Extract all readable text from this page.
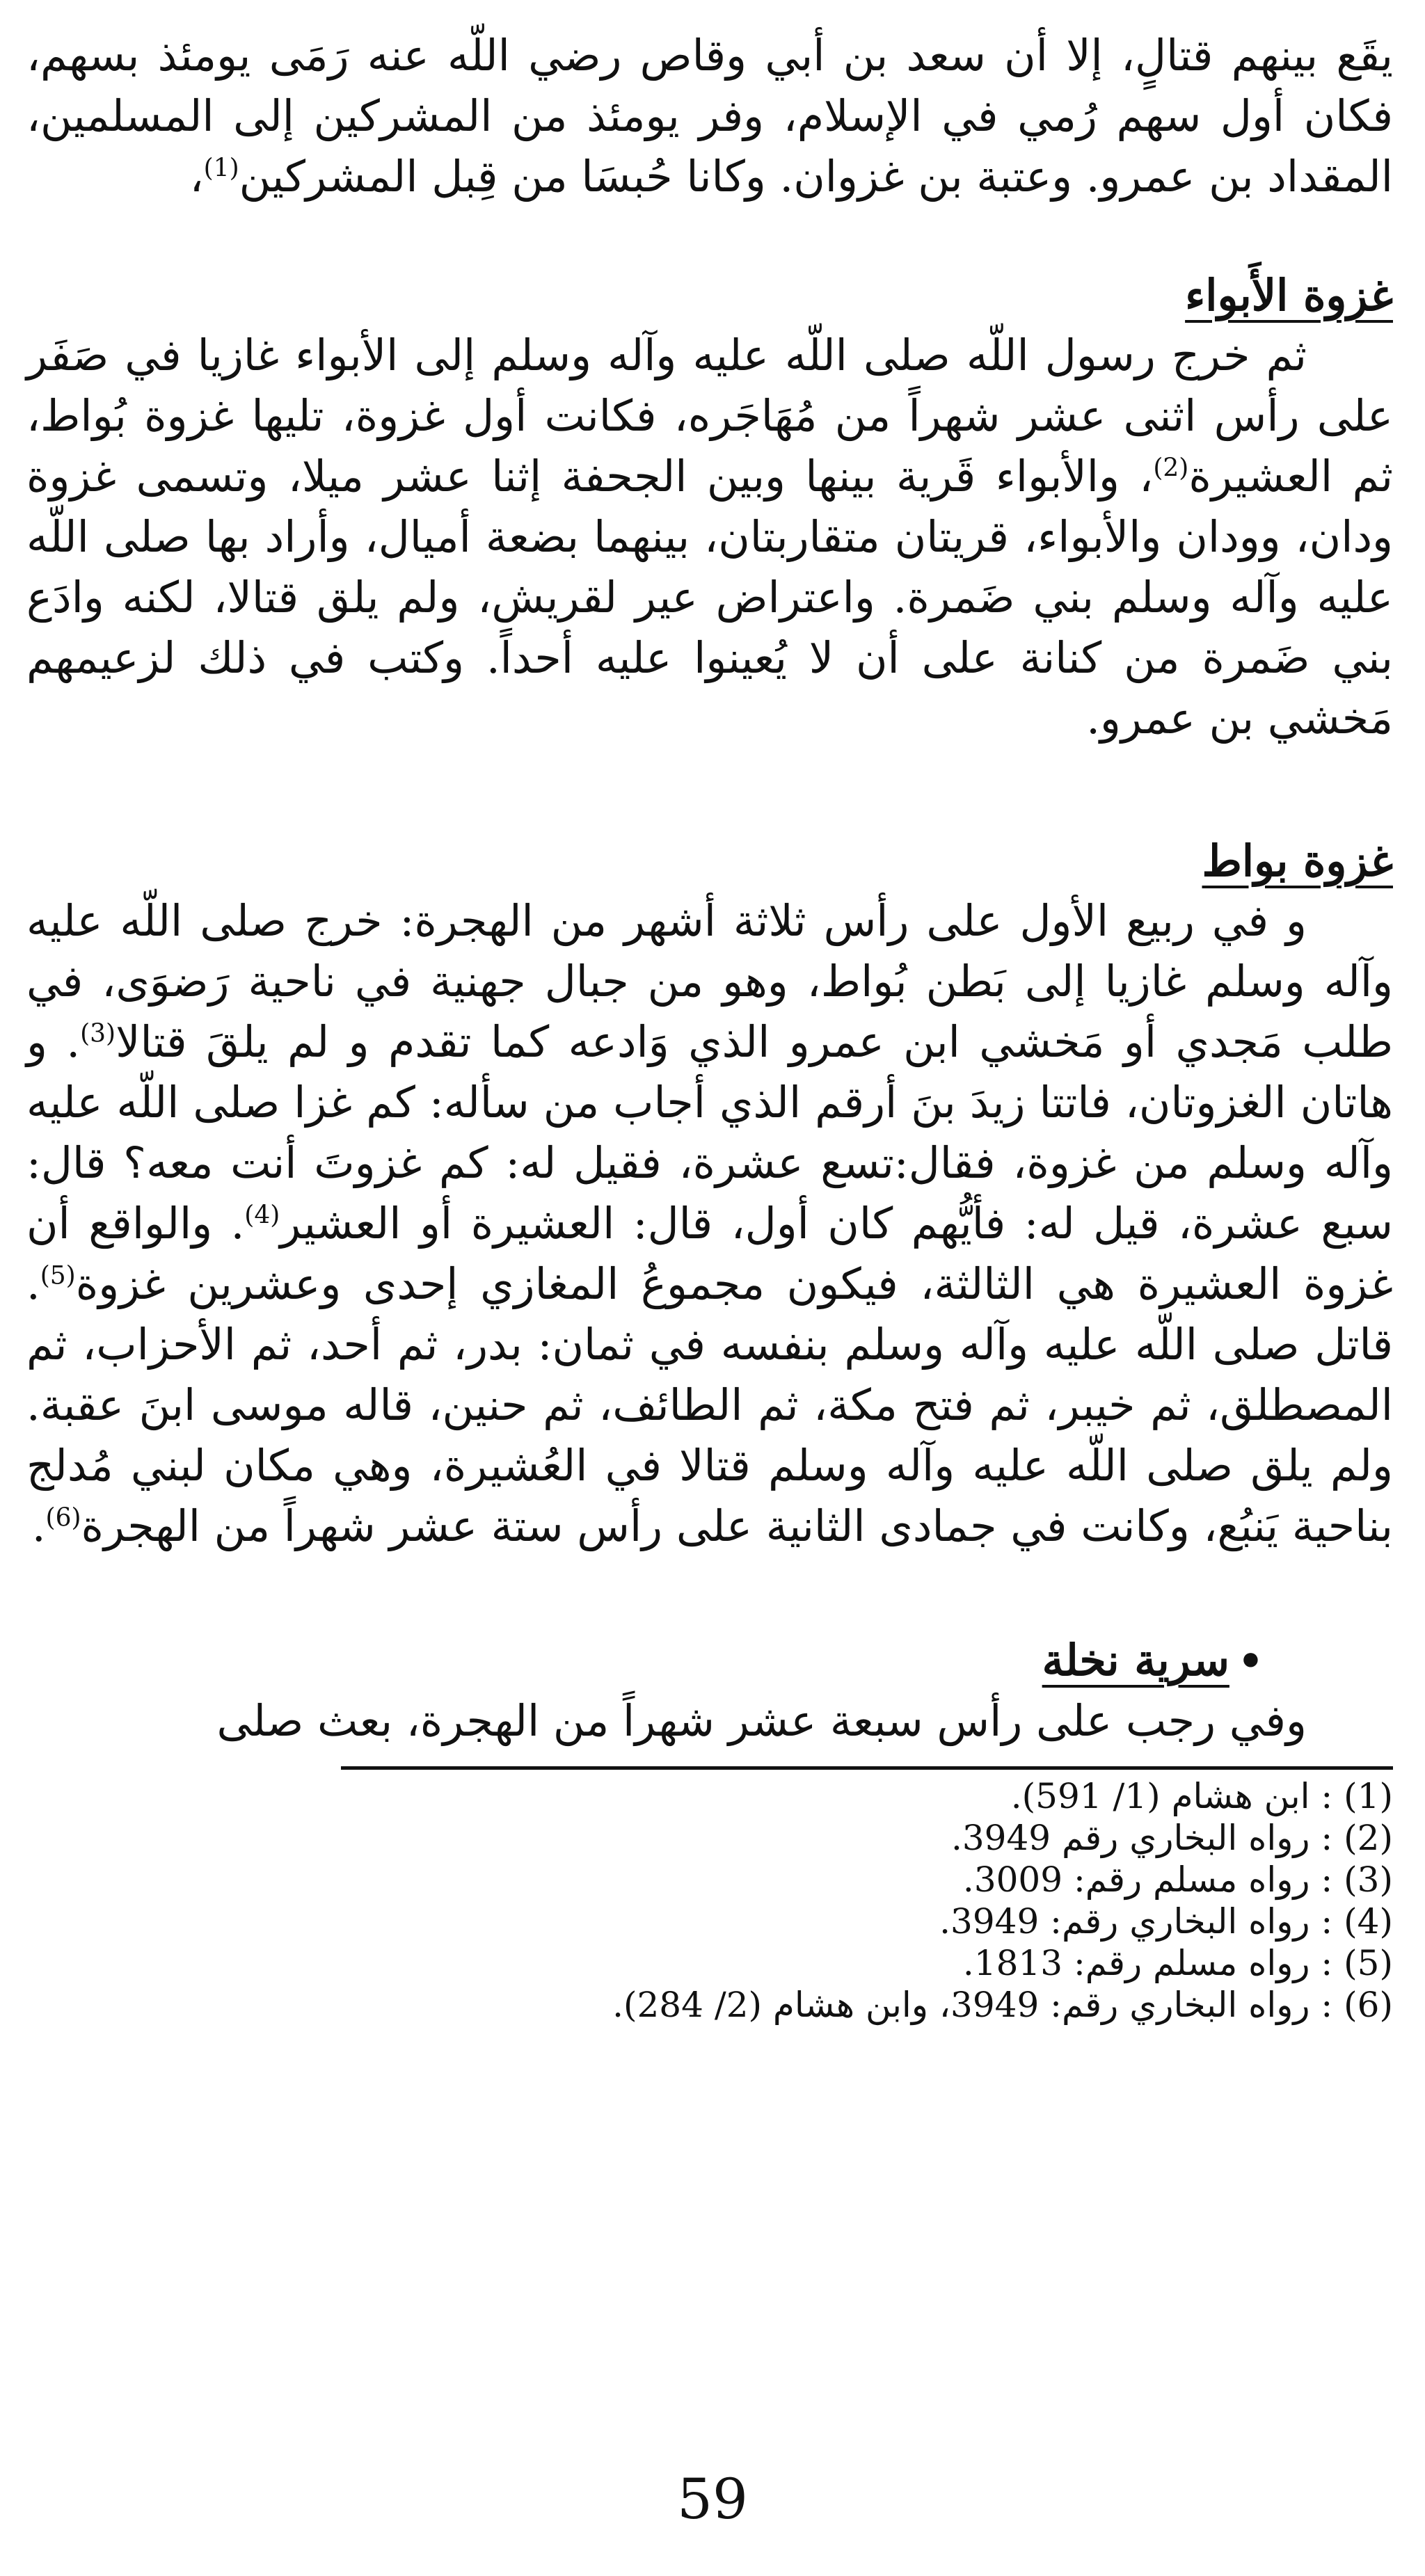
يقَع بينهم قتالٍ، إلا أن سعد بن أبي وقاص رضي اللّه عنه رَمَى يومئذ بسهم، فكان أول سهم رُمي في الإسلام، وفر يومئذ من المشركين إلى المسلمين، المقداد بن عمرو. وعتبة بن غزوان. وكانا حُبسَا من قِبل المشركين$^{(1)}$،

غزوة الأَبواء

  ثم خرج رسول اللّه صلى اللّه عليه وآله وسلم إلى الأبواء غازيا في صَفَر على رأس اثنى عشر شهراً من مُهَاجَره، فكانت أول غزوة، تليها غزوة بُواط، ثم العشيرة$^{(2)}$، والأبواء قَرية بينها وبين الجحفة إثنا عشر ميلا، وتسمى غزوة ودان، وودان والأبواء، قريتان متقاربتان، بينهما بضعة أميال، وأراد بها صلى اللّه عليه وآله وسلم بني ضَمرة. واعتراض عير لقريش، ولم يلق قتالا، لكنه وادَع بني ضَمرة من كنانة على أن لا يُعينوا عليه أحداً. وكتب في ذلك لزعيمهم مَخشي بن عمرو.

غزوة بواط

  و في ربيع الأول على رأس ثلاثة أشهر من الهجرة: خرج صلى اللّه عليه وآله وسلم غازيا إلى بَطن بُواط، وهو من جبال جهنية في ناحية رَضوَى، في طلب مَجدي أو مَخشي ابن عمرو الذي وَادعه كما تقدم و لم يلقَ قتالا$^{(3)}$. و هاتان الغزوتان، فاتتا زيدَ بنَ أرقم الذي أجاب من سأله: كم غزا صلى اللّه عليه وآله وسلم من غزوة، فقال:تسع عشرة، فقيل له: كم غزوتَ أنت معه؟ قال: سبع عشرة، قيل له: فأيُّهم كان أول، قال: العشيرة أو العشير$^{(4)}$. والواقع أن غزوة العشيرة هي الثالثة، فيكون مجموعُ المغازي إحدى وعشرين غزوة$^{(5)}$. قاتل صلى اللّه عليه وآله وسلم بنفسه في ثمان: بدر، ثم أحد، ثم الأحزاب، ثم المصطلق، ثم خيبر، ثم فتح مكة، ثم الطائف، ثم حنين، قاله موسى ابنَ عقبة. ولم يلق صلى اللّه عليه وآله وسلم قتالا في العُشيرة، وهي مكان لبني مُدلج بناحية يَنبُع، وكانت في جمادى الثانية على رأس ستة عشر شهراً من الهجرة$^{(6)}$.

   •سرية نخلة

  وفي رجب على رأس سبعة عشر شهراً من الهجرة، بعث صلى

(1) : ابن هشام (1/ 591).
(2) : رواه البخاري رقم 3949.
(3) : رواه مسلم رقم: 3009.
(4) : رواه البخاري رقم: 3949.
(5) : رواه مسلم رقم: 1813.
(6) : رواه البخاري رقم: 3949، وابن هشام (2/ 284).
59
